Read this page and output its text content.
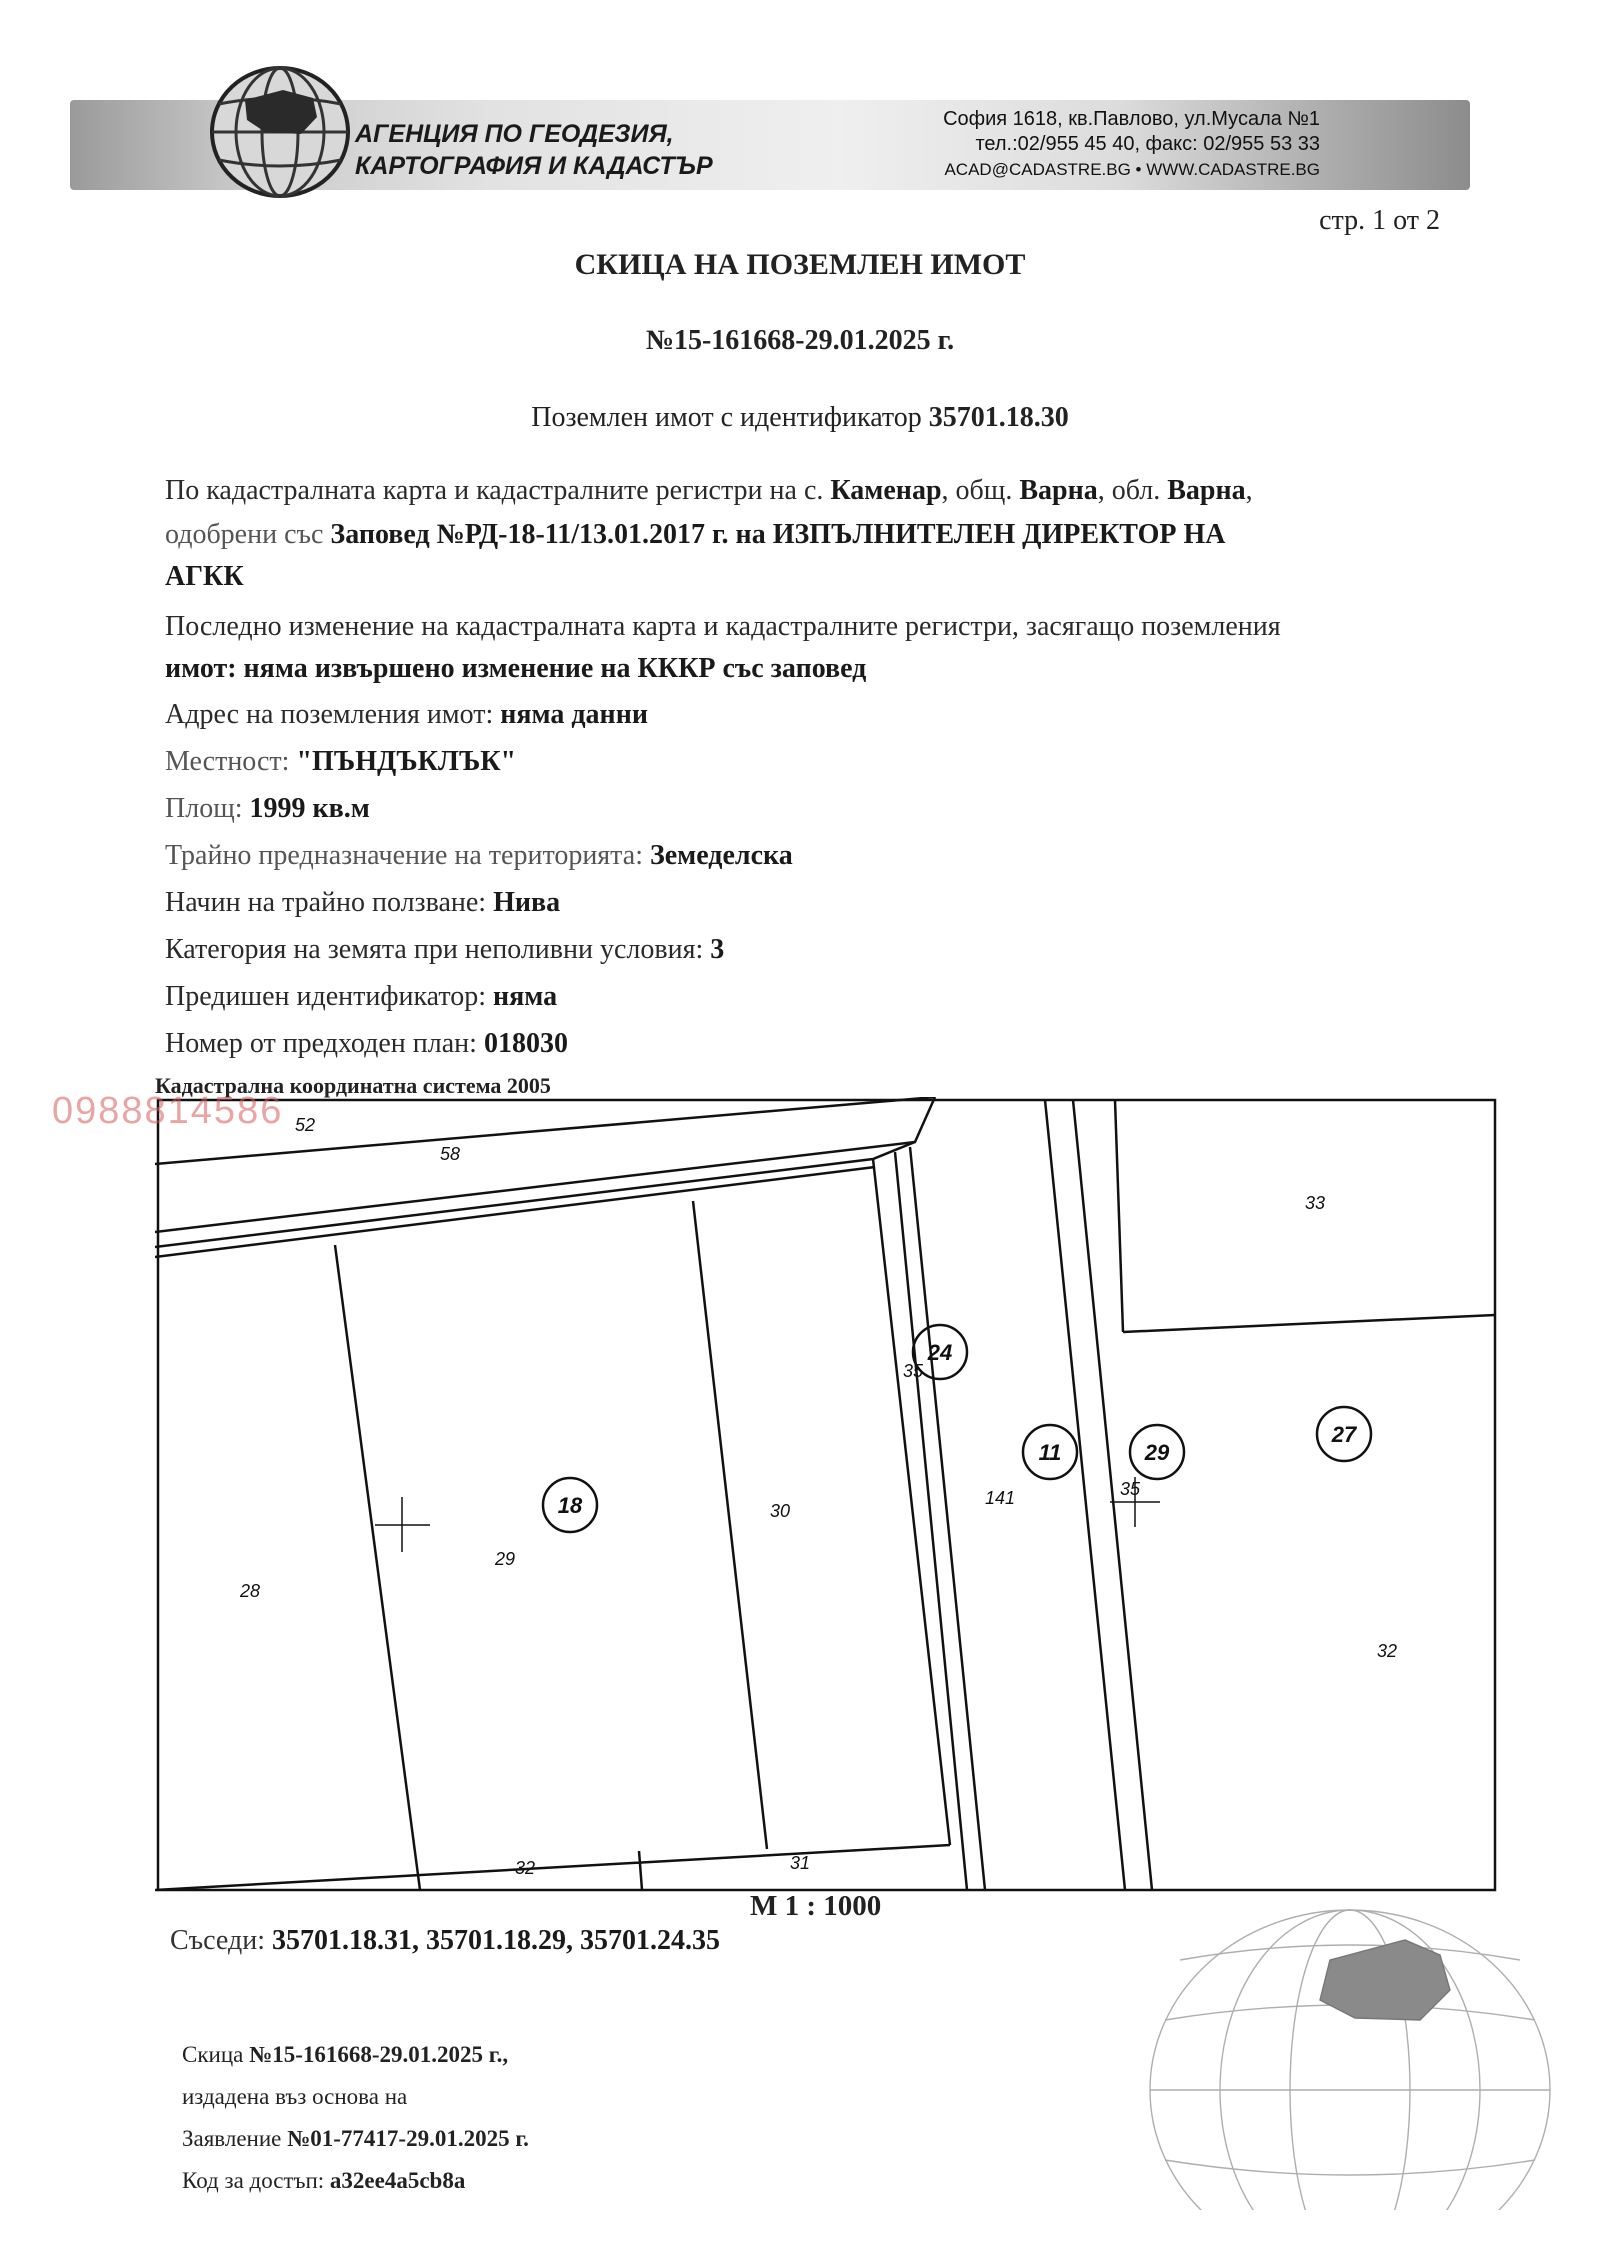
АГЕНЦИЯ ПО ГЕОДЕЗИЯ,
КАРТОГРАФИЯ И КАДАСТЪР
София 1618, кв.Павлово, ул.Мусала №1
тел.:02/955 45 40, факс: 02/955 53 33
ACAD@CADASTRE.BG • WWW.CADASTRE.BG
стр. 1 от 2
СКИЦА НА ПОЗЕМЛЕН ИМОТ
№15-161668-29.01.2025 г.
Поземлен имот с идентификатор 35701.18.30
По кадастралната карта и кадастралните регистри на с. Каменар, общ. Варна, обл. Варна,
одобрени със Заповед №РД-18-11/13.01.2017 г. на ИЗПЪЛНИТЕЛЕН ДИРЕКТОР НА
АГКК
Последно изменение на кадастралната карта и кадастралните регистри, засягащо поземления
имот: няма извършено изменение на КККР със заповед
Адрес на поземления имот: няма данни
Местност: "ПЪНДЪКЛЪК"
Площ: 1999 кв.м
Трайно предназначение на територията: Земеделска
Начин на трайно ползване: Нива
Категория на земята при неполивни условия: 3
Предишен идентификатор: няма
Номер от предходен план: 018030
Кадастрална координатна система 2005
24
11	29
27
18
52
58
33
35
35
141
30
29
28
32
32	31
0988814586
М 1 : 1000
Съседи: 35701.18.31, 35701.18.29, 35701.24.35
Скица №15-161668-29.01.2025 г.,
издадена въз основа на
Заявление №01-77417-29.01.2025 г.
Код за достъп: a32ee4a5cb8a
